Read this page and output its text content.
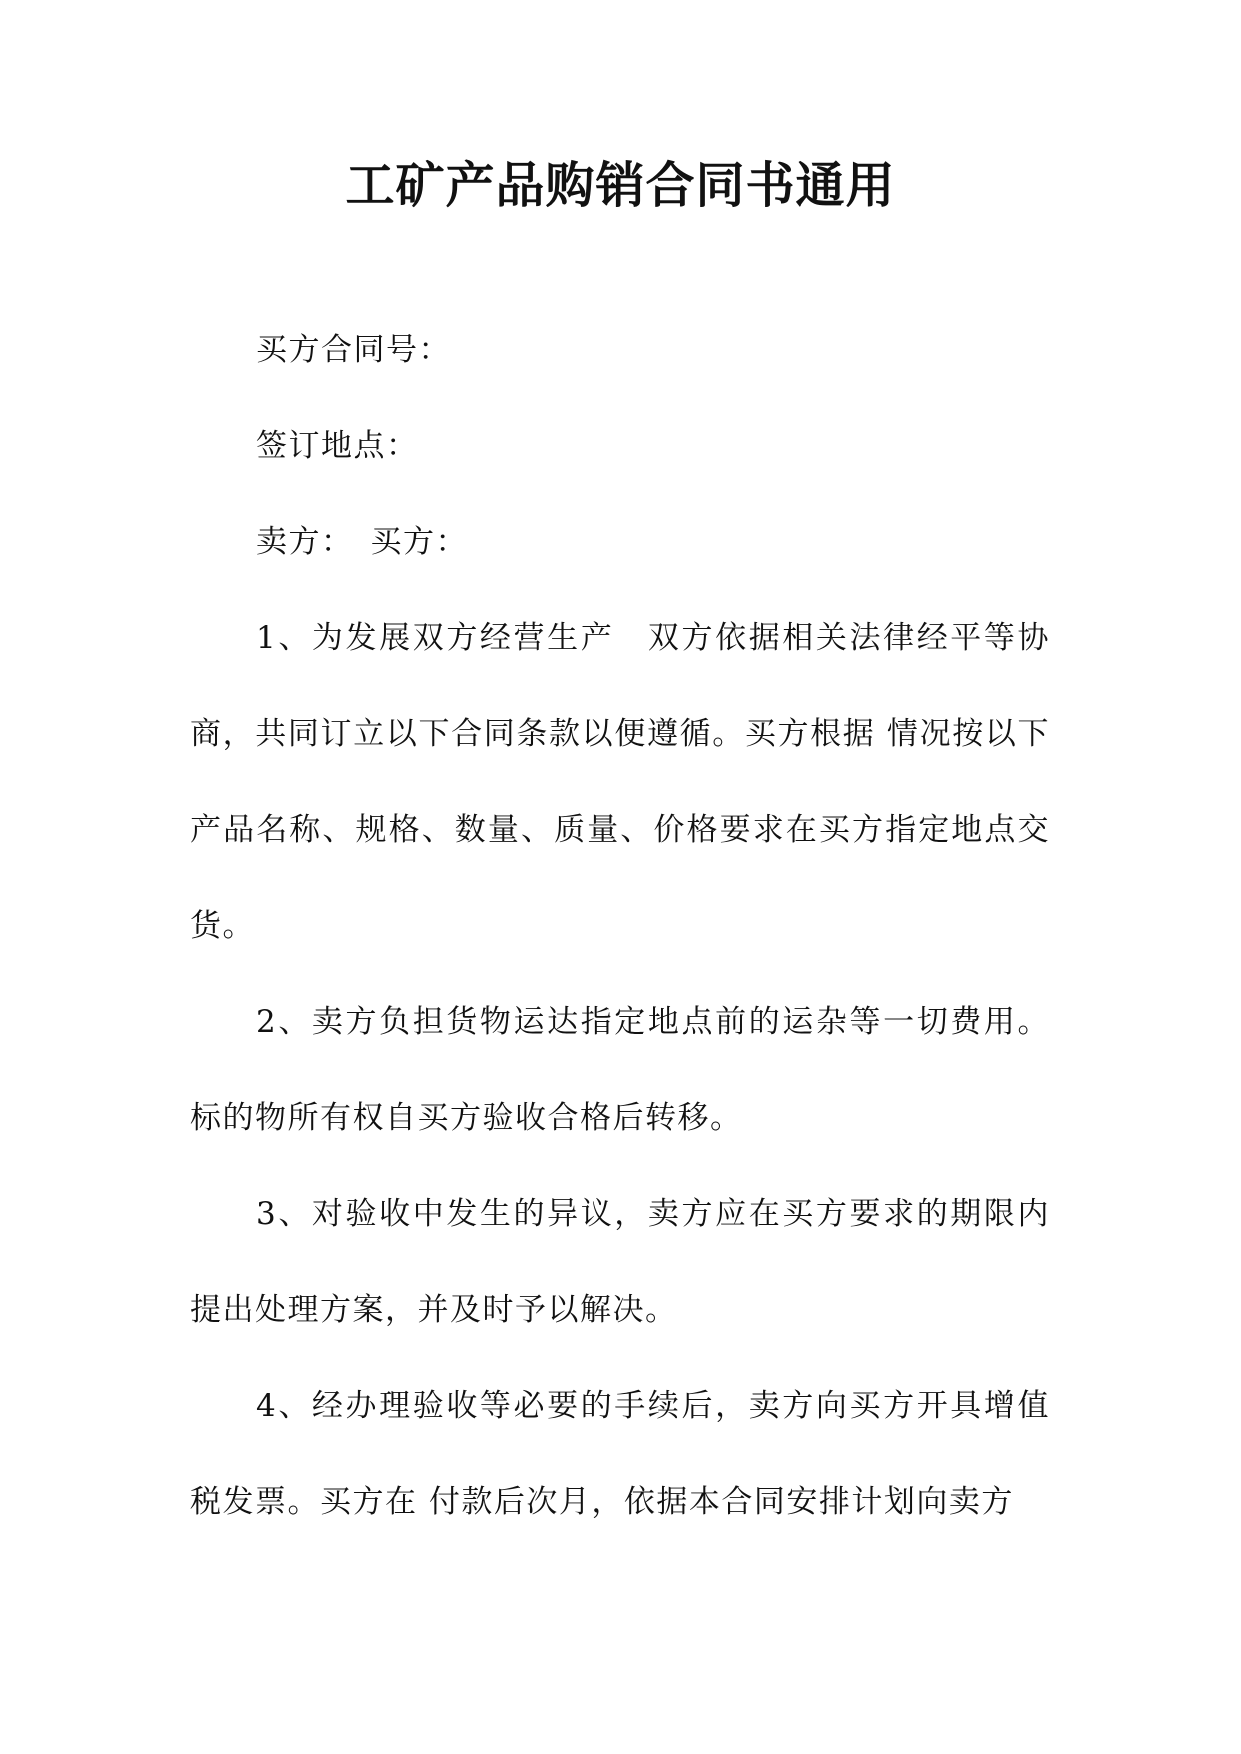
工矿产品购销合同书通用

买方合同号：

签订地点：

卖方：　买方：

1、为发展双方经营生产　双方依据相关法律经平等协商，共同订立以下合同条款以便遵循。买方根据 情况按以下产品名称、规格、数量、质量、价格要求在买方指定地点交货。

2、卖方负担货物运达指定地点前的运杂等一切费用。标的物所有权自买方验收合格后转移。

3、对验收中发生的异议，卖方应在买方要求的期限内提出处理方案，并及时予以解决。

4、经办理验收等必要的手续后，卖方向买方开具增值税发票。买方在 付款后次月，依据本合同安排计划向卖方
